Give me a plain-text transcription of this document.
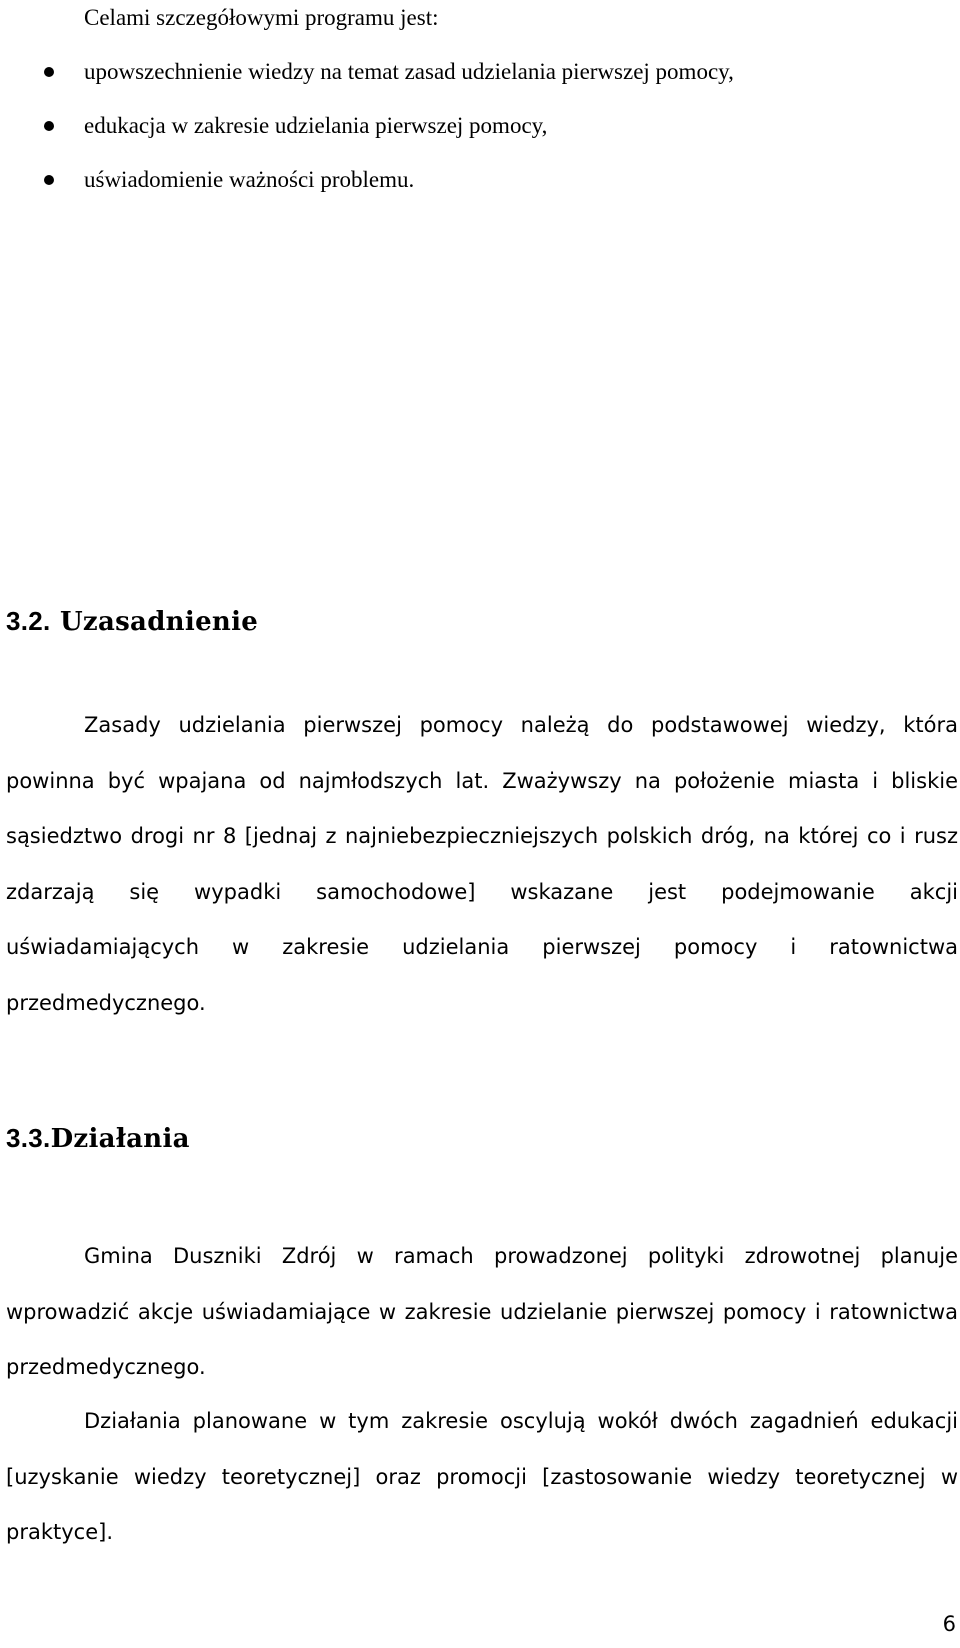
Celami szczegółowymi programu jest:
upowszechnienie wiedzy na temat zasad udzielania pierwszej pomocy,
edukacja w zakresie udzielania pierwszej pomocy,
uświadomienie ważności problemu.
3.2. Uzasadnienie

Zasady udzielania pierwszej pomocy należą do podstawowej wiedzy, która powinna być wpajana od najmłodszych lat. Zważywszy na położenie miasta i bliskie sąsiedztwo drogi nr 8 [jednaj z najniebezpieczniejszych polskich dróg, na której co i rusz zdarzają się wypadki samochodowe] wskazane jest podejmowanie akcji uświadamiających w zakresie udzielania pierwszej pomocy i ratownictwa przedmedycznego.

3.3.Działania

Gmina Duszniki Zdrój w ramach prowadzonej polityki zdrowotnej planuje wprowadzić akcje uświadamiające w zakresie udzielanie pierwszej pomocy i ratownictwa przedmedycznego.

Działania planowane w tym zakresie oscylują wokół dwóch zagadnień edukacji [uzyskanie wiedzy teoretycznej] oraz promocji [zastosowanie wiedzy teoretycznej w praktyce].

6
